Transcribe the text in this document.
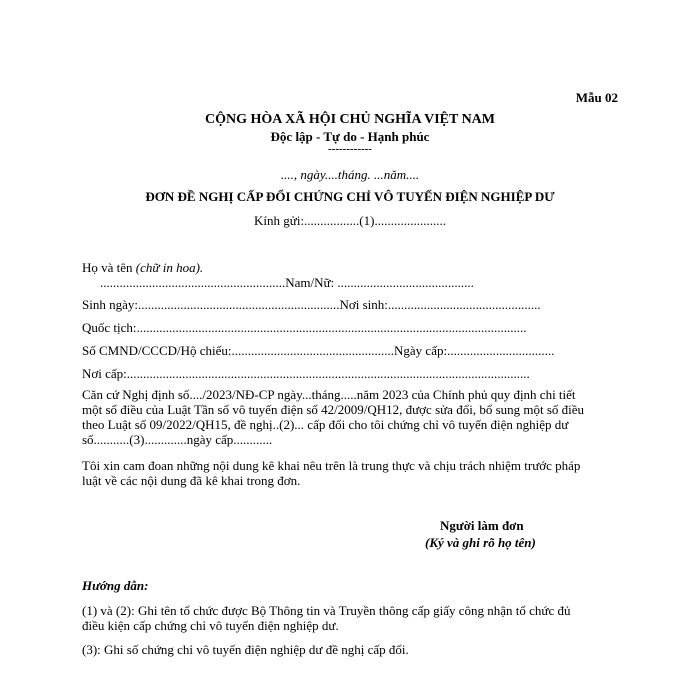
Mẫu 02
CỘNG HÒA XÃ HỘI CHỦ NGHĨA VIỆT NAM
Độc lập - Tự do - Hạnh phúc
------------
...., ngày....tháng. ...năm....
ĐƠN ĐỀ NGHỊ CẤP ĐỔI CHỨNG CHỈ VÔ TUYẾN ĐIỆN NGHIỆP DƯ
Kính gửi:.................(1)......................
Họ và tên (chữ in hoa).
.........................................................Nam/Nữ: ..........................................
Sinh ngày:..............................................................Nơi sinh:...............................................
Quốc tịch:........................................................................................................................
Số CMND/CCCD/Hộ chiếu:..................................................Ngày cấp:.................................
Nơi cấp:............................................................................................................................
Căn cứ Nghị định số..../2023/NĐ-CP ngày...tháng.....năm 2023 của Chính phủ quy định chi tiết
một số điều của Luật Tần số vô tuyến điện số 42/2009/QH12, được sửa đổi, bổ sung một số điều
theo Luật số 09/2022/QH15, đề nghị..(2)... cấp đổi cho tôi chứng chỉ vô tuyến điện nghiệp dư
số...........(3).............ngày cấp............
Tôi xin cam đoan những nội dung kê khai nêu trên là trung thực và chịu trách nhiệm trước pháp
luật về các nội dung đã kê khai trong đơn.
Người làm đơn
(Ký và ghi rõ họ tên)
Hướng dẫn:
(1) và (2): Ghi tên tổ chức được Bộ Thông tin và Truyền thông cấp giấy công nhận tổ chức đủ
điều kiện cấp chứng chỉ vô tuyến điện nghiệp dư.
(3): Ghi số chứng chỉ vô tuyến điện nghiệp dư đề nghị cấp đổi.
